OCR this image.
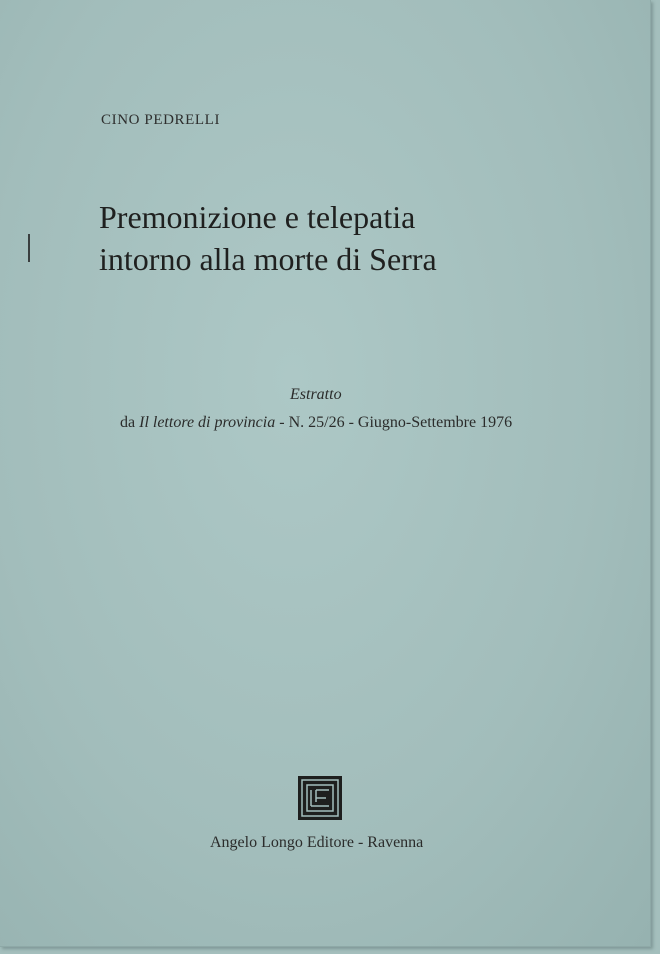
CINO PEDRELLI
Premonizione e telepatia
intorno alla morte di Serra
Estratto
da Il lettore di provincia - N. 25/26 - Giugno-Settembre 1976
Angelo Longo Editore - Ravenna
